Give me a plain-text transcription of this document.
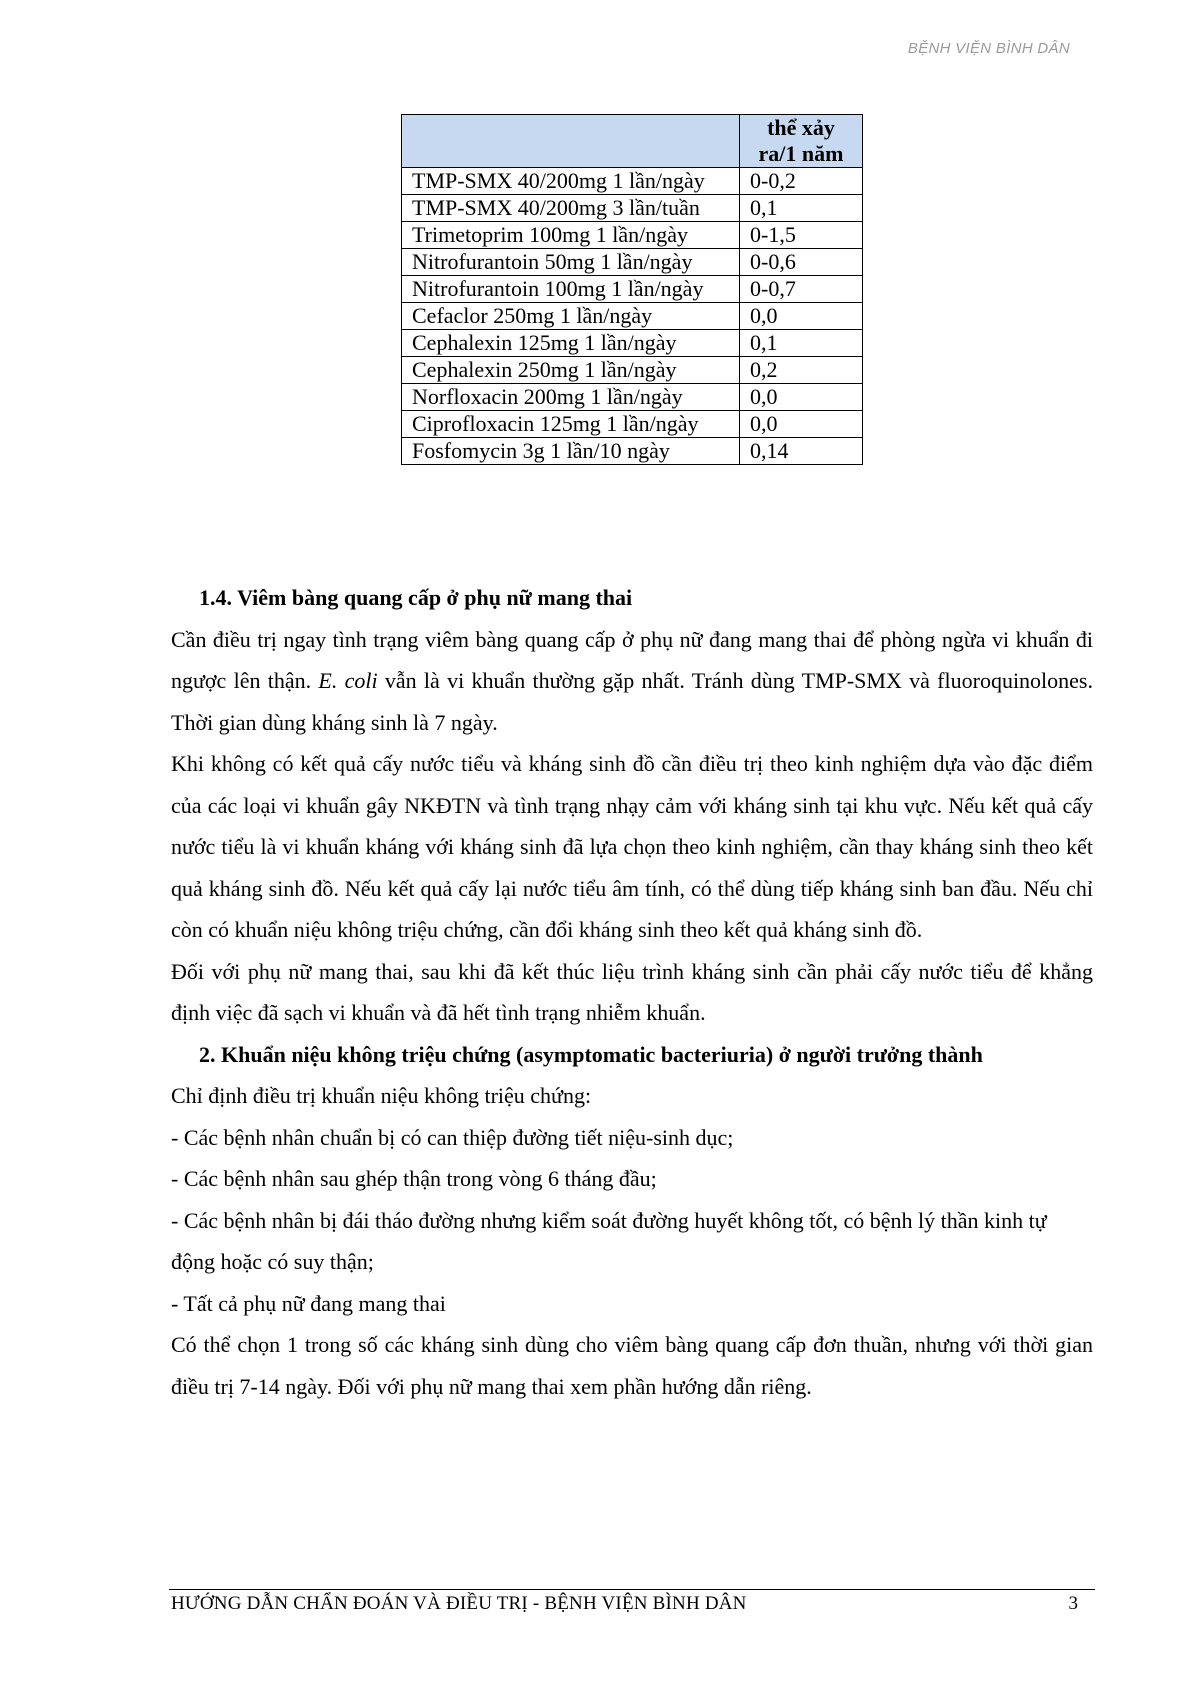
BỆNH VIỆN BÌNH DÂN
	thể xảy ra/1 năm
TMP-SMX 40/200mg 1 lần/ngày	0-0,2
TMP-SMX 40/200mg 3 lần/tuần	0,1
Trimetoprim 100mg 1 lần/ngày	0-1,5
Nitrofurantoin 50mg 1 lần/ngày	0-0,6
Nitrofurantoin 100mg 1 lần/ngày	0-0,7
Cefaclor 250mg 1 lần/ngày	0,0
Cephalexin 125mg 1 lần/ngày	0,1
Cephalexin 250mg 1 lần/ngày	0,2
Norfloxacin 200mg 1 lần/ngày	0,0
Ciprofloxacin 125mg 1 lần/ngày	0,0
Fosfomycin 3g 1 lần/10 ngày	0,14

1.4. Viêm bàng quang cấp ở phụ nữ mang thai

Cần điều trị ngay tình trạng viêm bàng quang cấp ở phụ nữ đang mang thai để phòng ngừa vi khuẩn đi ngược lên thận. E. coli vẫn là vi khuẩn thường gặp nhất. Tránh dùng TMP-SMX và fluoroquinolones. Thời gian dùng kháng sinh là 7 ngày.

Khi không có kết quả cấy nước tiểu và kháng sinh đồ cần điều trị theo kinh nghiệm dựa vào đặc điểm của các loại vi khuẩn gây NKĐTN và tình trạng nhạy cảm với kháng sinh tại khu vực. Nếu kết quả cấy nước tiểu là vi khuẩn kháng với kháng sinh đã lựa chọn theo kinh nghiệm, cần thay kháng sinh theo kết quả kháng sinh đồ. Nếu kết quả cấy lại nước tiểu âm tính, có thể dùng tiếp kháng sinh ban đầu. Nếu chỉ còn có khuẩn niệu không triệu chứng, cần đổi kháng sinh theo kết quả kháng sinh đồ.

Đối với phụ nữ mang thai, sau khi đã kết thúc liệu trình kháng sinh cần phải cấy nước tiểu để khẳng định việc đã sạch vi khuẩn và đã hết tình trạng nhiễm khuẩn.

2. Khuẩn niệu không triệu chứng (asymptomatic bacteriuria) ở người trưởng thành

Chỉ định điều trị khuẩn niệu không triệu chứng:

- Các bệnh nhân chuẩn bị có can thiệp đường tiết niệu-sinh dục;

- Các bệnh nhân sau ghép thận trong vòng 6 tháng đầu;

- Các bệnh nhân bị đái tháo đường nhưng kiểm soát đường huyết không tốt, có bệnh lý thần kinh tự

động hoặc có suy thận;

- Tất cả phụ nữ đang mang thai

Có thể chọn 1 trong số các kháng sinh dùng cho viêm bàng quang cấp đơn thuần, nhưng với thời gian điều trị 7-14 ngày. Đối với phụ nữ mang thai xem phần hướng dẫn riêng.

HƯỚNG DẪN CHẨN ĐOÁN VÀ ĐIỀU TRỊ - BỆNH VIỆN BÌNH DÂN	3
